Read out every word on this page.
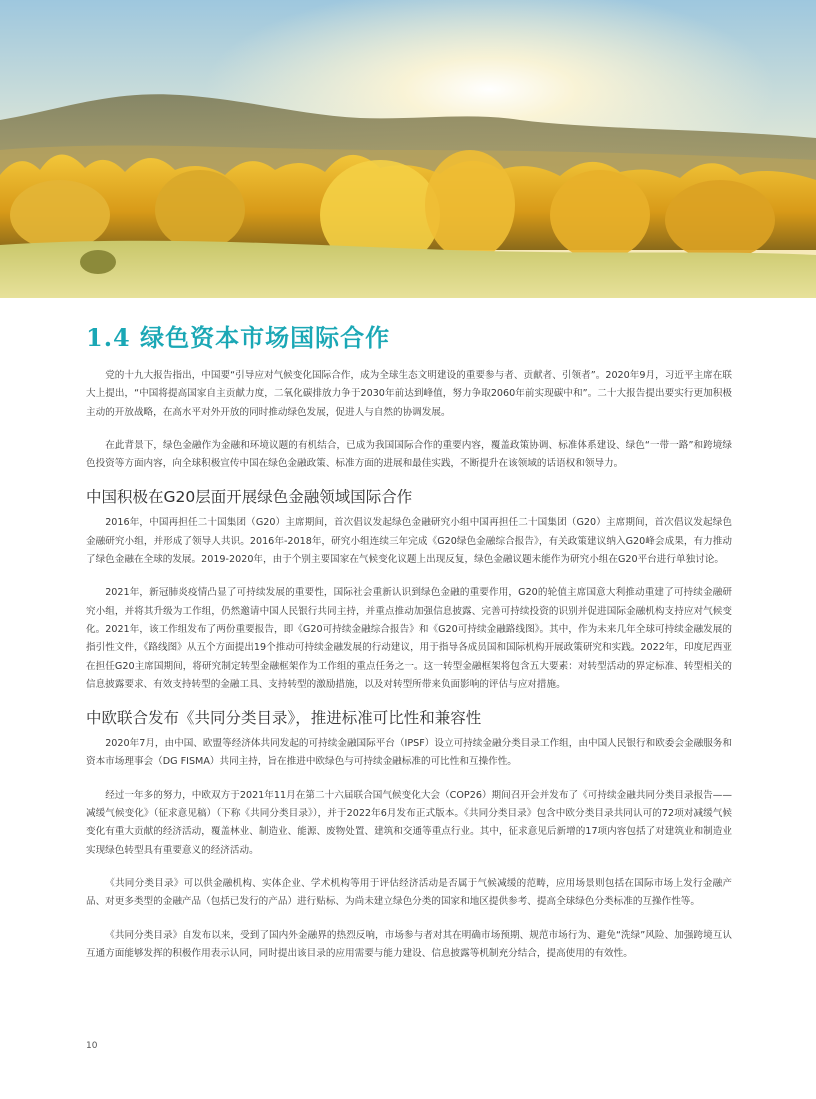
1.4 绿色资本市场国际合作

党的十九大报告指出，中国要“引导应对气候变化国际合作，成为全球生态文明建设的重要参与者、贡献者、引领者”。2020年9月，习近平主席在联大上提出，“中国将提高国家自主贡献力度，二氧化碳排放力争于2030年前达到峰值，努力争取2060年前实现碳中和”。二十大报告提出要实行更加积极主动的开放战略，在高水平对外开放的同时推动绿色发展，促进人与自然的协调发展。

在此背景下，绿色金融作为金融和环境议题的有机结合，已成为我国国际合作的重要内容，覆盖政策协调、标准体系建设、绿色“一带一路”和跨境绿色投资等方面内容，向全球积极宣传中国在绿色金融政策、标准方面的进展和最佳实践，不断提升在该领域的话语权和领导力。

中国积极在G20层面开展绿色金融领域国际合作

2016年，中国再担任二十国集团（G20）主席期间，首次倡议发起绿色金融研究小组中国再担任二十国集团（G20）主席期间，首次倡议发起绿色金融研究小组，并形成了领导人共识。2016年-2018年，研究小组连续三年完成《G20绿色金融综合报告》，有关政策建议纳入G20峰会成果，有力推动了绿色金融在全球的发展。2019-2020年，由于个别主要国家在气候变化议题上出现反复，绿色金融议题未能作为研究小组在G20平台进行单独讨论。

2021年，新冠肺炎疫情凸显了可持续发展的重要性，国际社会重新认识到绿色金融的重要作用，G20的轮值主席国意大利推动重建了可持续金融研究小组，并将其升级为工作组，仍然邀请中国人民银行共同主持，并重点推动加强信息披露、完善可持续投资的识别并促进国际金融机构支持应对气候变化。2021年，该工作组发布了两份重要报告，即《G20可持续金融综合报告》和《G20可持续金融路线图》。其中，作为未来几年全球可持续金融发展的指引性文件，《路线图》从五个方面提出19个推动可持续金融发展的行动建议，用于指导各成员国和国际机构开展政策研究和实践。2022年，印度尼西亚在担任G20主席国期间，将研究制定转型金融框架作为工作组的重点任务之一。这一转型金融框架将包含五大要素：对转型活动的界定标准、转型相关的信息披露要求、有效支持转型的金融工具、支持转型的激励措施，以及对转型所带来负面影响的评估与应对措施。

中欧联合发布《共同分类目录》，推进标准可比性和兼容性

2020年7月，由中国、欧盟等经济体共同发起的可持续金融国际平台（IPSF）设立可持续金融分类目录工作组，由中国人民银行和欧委会金融服务和资本市场理事会（DG FISMA）共同主持，旨在推进中欧绿色与可持续金融标准的可比性和互操作性。

经过一年多的努力，中欧双方于2021年11月在第二十六届联合国气候变化大会（COP26）期间召开会并发布了《可持续金融共同分类目录报告——减缓气候变化》（征求意见稿）（下称《共同分类目录》），并于2022年6月发布正式版本。《共同分类目录》包含中欧分类目录共同认可的72项对减缓气候变化有重大贡献的经济活动，覆盖林业、制造业、能源、废物处置、建筑和交通等重点行业。其中，征求意见后新增的17项内容包括了对建筑业和制造业实现绿色转型具有重要意义的经济活动。

《共同分类目录》可以供金融机构、实体企业、学术机构等用于评估经济活动是否属于气候减缓的范畴，应用场景则包括在国际市场上发行金融产品、对更多类型的金融产品（包括已发行的产品）进行贴标、为尚未建立绿色分类的国家和地区提供参考、提高全球绿色分类标准的互操作性等。

《共同分类目录》自发布以来，受到了国内外金融界的热烈反响，市场参与者对其在明确市场预期、规范市场行为、避免“洗绿”风险、加强跨境互认互通方面能够发挥的积极作用表示认同，同时提出该目录的应用需要与能力建设、信息披露等机制充分结合，提高使用的有效性。

10
